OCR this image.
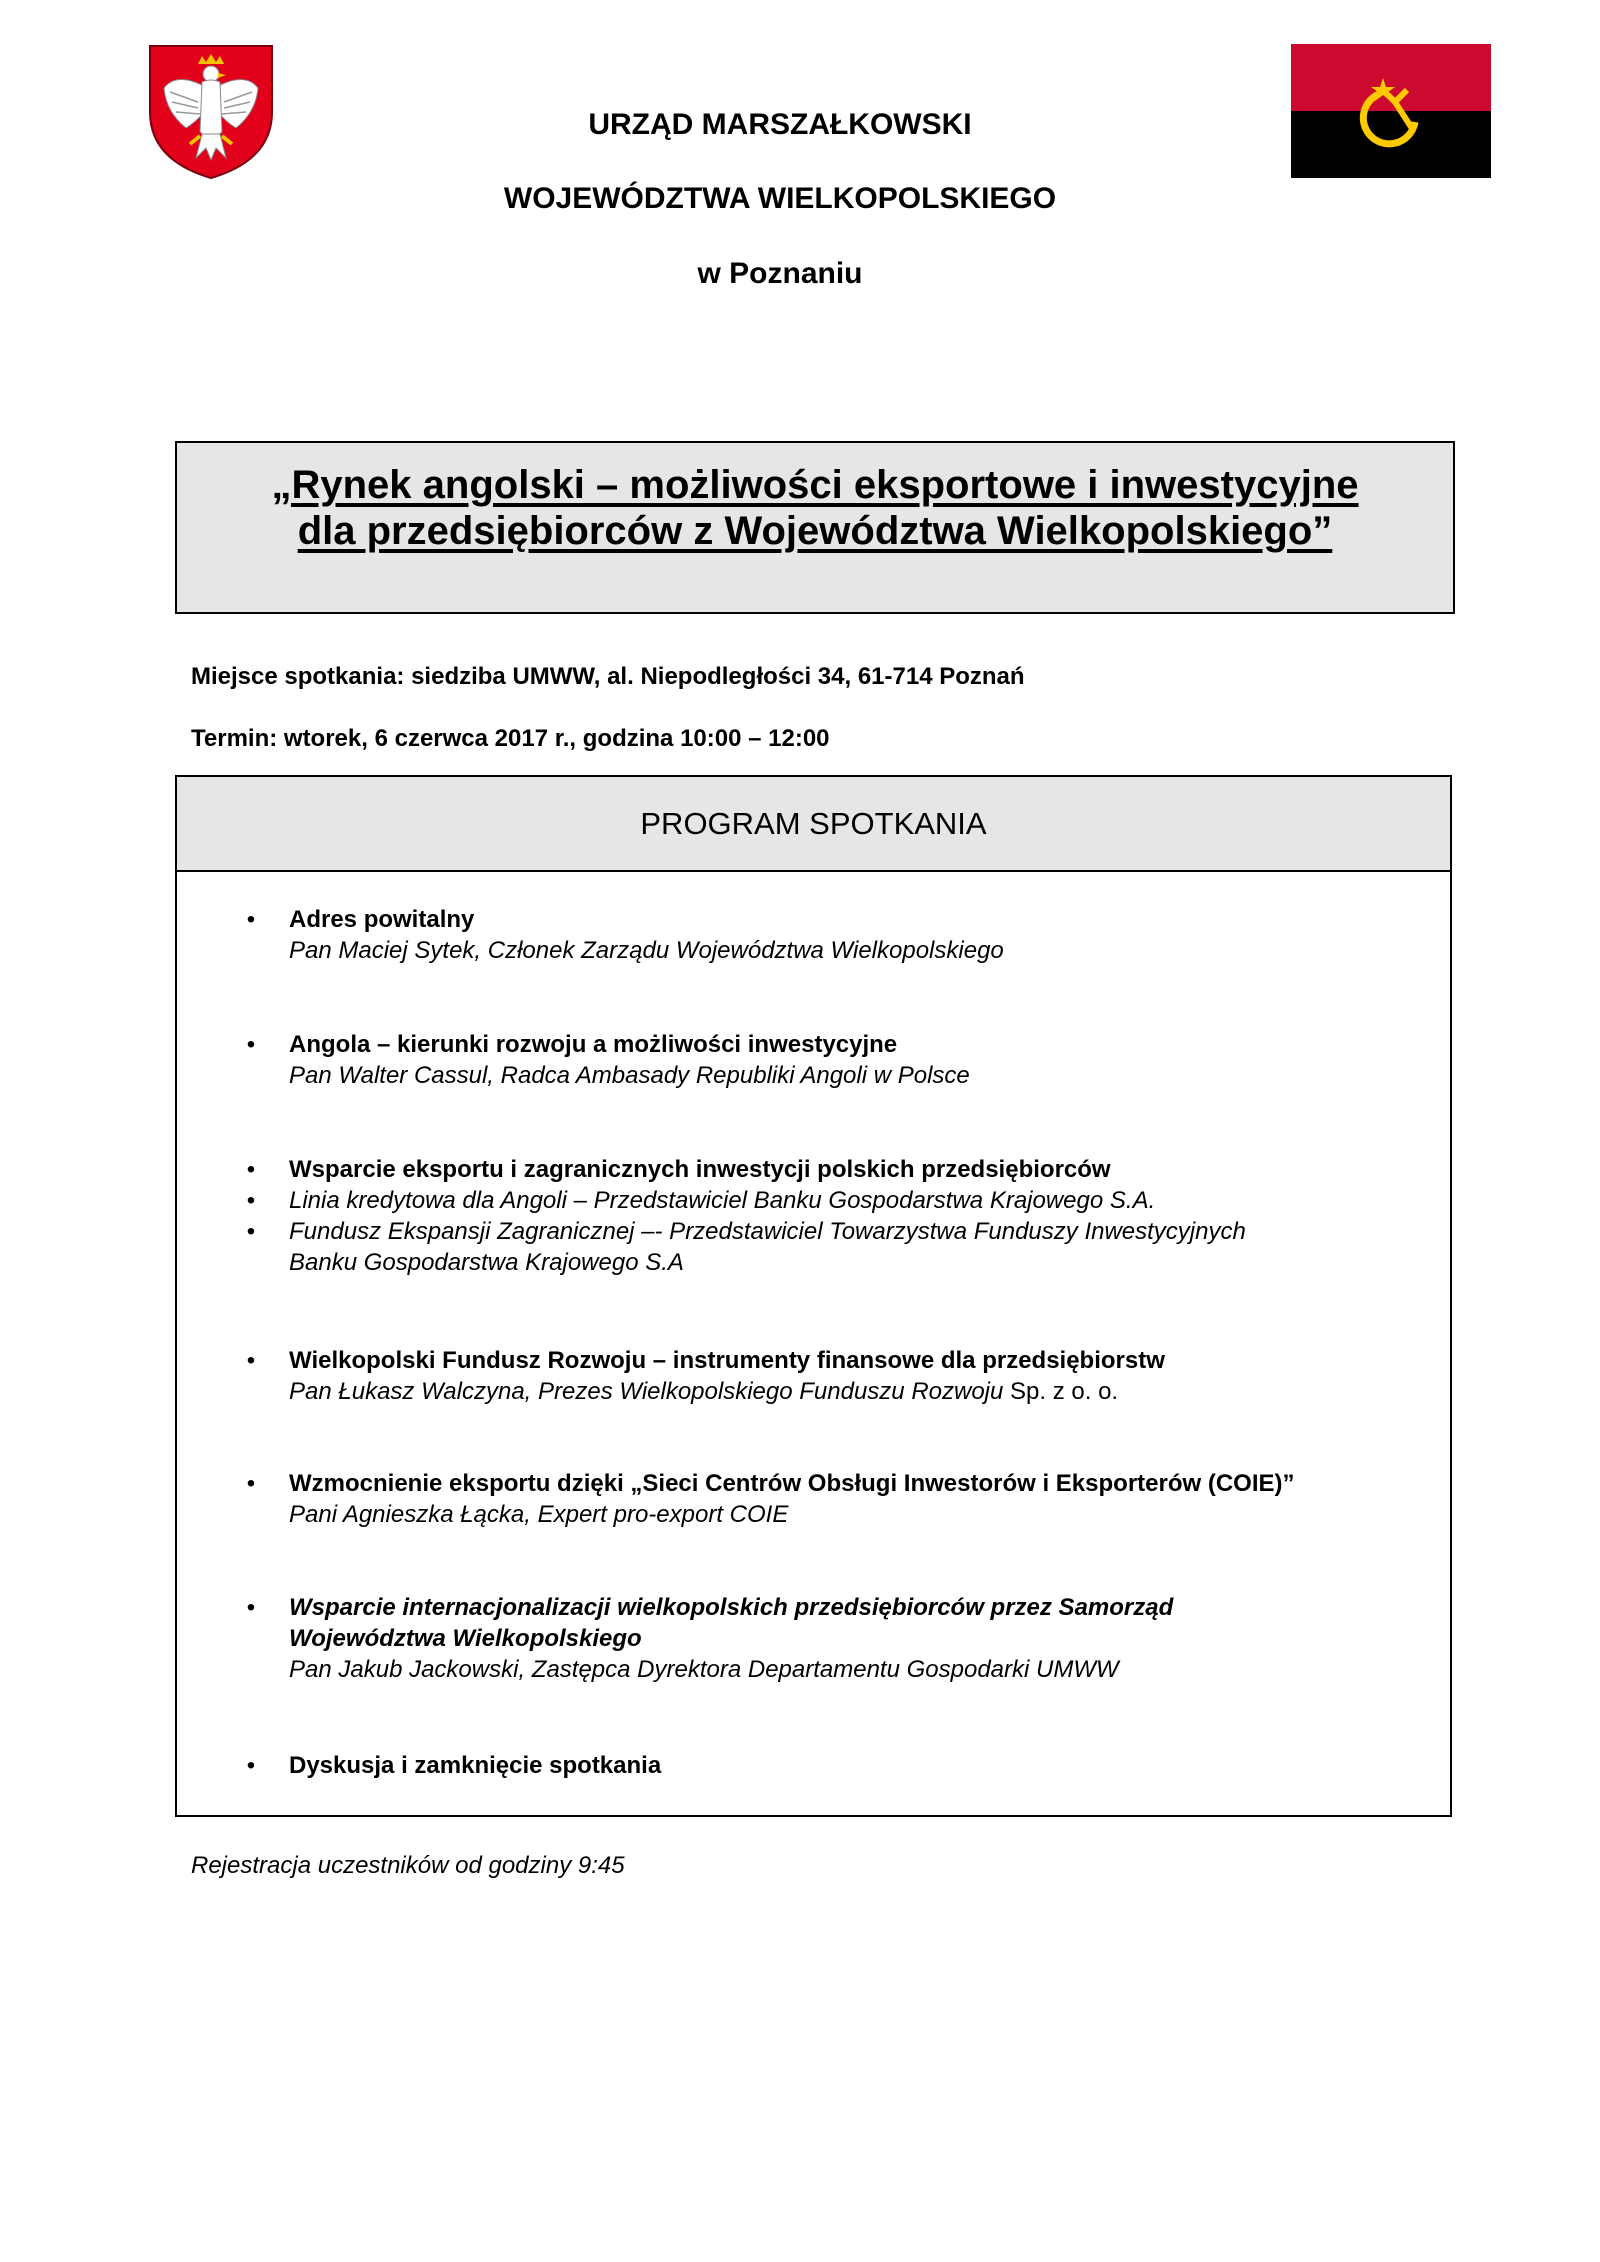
URZĄD MARSZAŁKOWSKI
WOJEWÓDZTWA WIELKOPOLSKIEGO
w Poznaniu
„Rynek angolski – możliwości eksportowe i inwestycyjne
dla przedsiębiorców z Województwa Wielkopolskiego”
Miejsce spotkania: siedziba UMWW, al. Niepodległości 34, 61-714 Poznań
Termin: wtorek, 6 czerwca 2017 r., godzina 10:00 – 12:00
PROGRAM SPOTKANIA
• Adres powitalny
Pan Maciej Sytek, Członek Zarządu Województwa Wielkopolskiego
• Angola – kierunki rozwoju a możliwości inwestycyjne
Pan Walter Cassul, Radca Ambasady Republiki Angoli w Polsce
• Wsparcie eksportu i zagranicznych inwestycji polskich przedsiębiorców
• Linia kredytowa dla Angoli – Przedstawiciel Banku Gospodarstwa Krajowego S.A.
• Fundusz Ekspansji Zagranicznej –- Przedstawiciel Towarzystwa Funduszy Inwestycyjnych
Banku Gospodarstwa Krajowego S.A
• Wielkopolski Fundusz Rozwoju – instrumenty finansowe dla przedsiębiorstw
Pan Łukasz Walczyna, Prezes Wielkopolskiego Funduszu Rozwoju Sp. z o. o.
• Wzmocnienie eksportu dzięki „Sieci Centrów Obsługi Inwestorów i Eksporterów (COIE)”
Pani Agnieszka Łącka, Expert pro-export COIE
• Wsparcie internacjonalizacji wielkopolskich przedsiębiorców przez Samorząd
Województwa Wielkopolskiego
Pan Jakub Jackowski, Zastępca Dyrektora Departamentu Gospodarki UMWW
• Dyskusja i zamknięcie spotkania
Rejestracja uczestników od godziny 9:45
